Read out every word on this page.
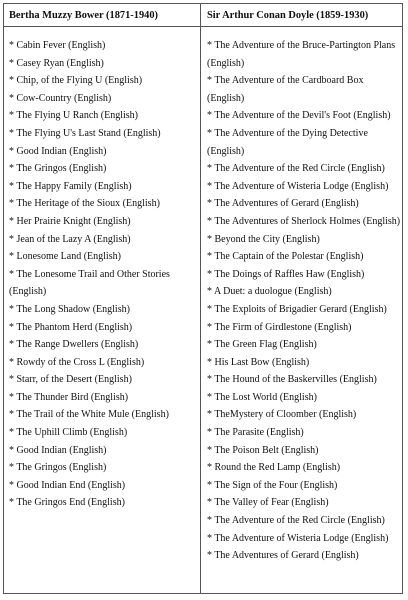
Bertha Muzzy Bower (1871-1940)
* Cabin Fever (English)
* Casey Ryan (English)
* Chip, of the Flying U (English)
* Cow-Country (English)
* The Flying U Ranch (English)
* The Flying U's Last Stand (English)
* Good Indian (English)
* The Gringos (English)
* The Happy Family (English)
* The Heritage of the Sioux (English)
* Her Prairie Knight (English)
* Jean of the Lazy A (English)
* Lonesome Land (English)
* The Lonesome Trail and Other Stories (English)
* The Long Shadow (English)
* The Phantom Herd (English)
* The Range Dwellers (English)
* Rowdy of the Cross L (English)
* Starr, of the Desert (English)
* The Thunder Bird (English)
* The Trail of the White Mule (English)
* The Uphill Climb (English)
* Good Indian (English)
* The Gringos (English)
* Good Indian End (English)
* The Gringos End (English)
Sir Arthur Conan Doyle (1859-1930)
* The Adventure of the Bruce-Partington Plans (English)
* The Adventure of the Cardboard Box (English)
* The Adventure of the Devil's Foot (English)
* The Adventure of the Dying Detective (English)
* The Adventure of the Red Circle (English)
* The Adventure of Wisteria Lodge (English)
* The Adventures of Gerard (English)
* The Adventures of Sherlock Holmes (English)
* Beyond the City (English)
* The Captain of the Polestar (English)
* The Doings of Raffles Haw (English)
* A Duet: a duologue (English)
* The Exploits of Brigadier Gerard (English)
* The Firm of Girdlestone (English)
* The Green Flag (English)
* His Last Bow (English)
* The Hound of the Baskervilles (English)
* The Lost World (English)
* TheMystery of Cloomber (English)
* The Parasite (English)
* The Poison Belt (English)
* Round the Red Lamp (English)
* The Sign of the Four (English)
* The Valley of Fear (English)
* The Adventure of the Red Circle (English)
* The Adventure of Wisteria Lodge (English)
* The Adventures of Gerard (English)
